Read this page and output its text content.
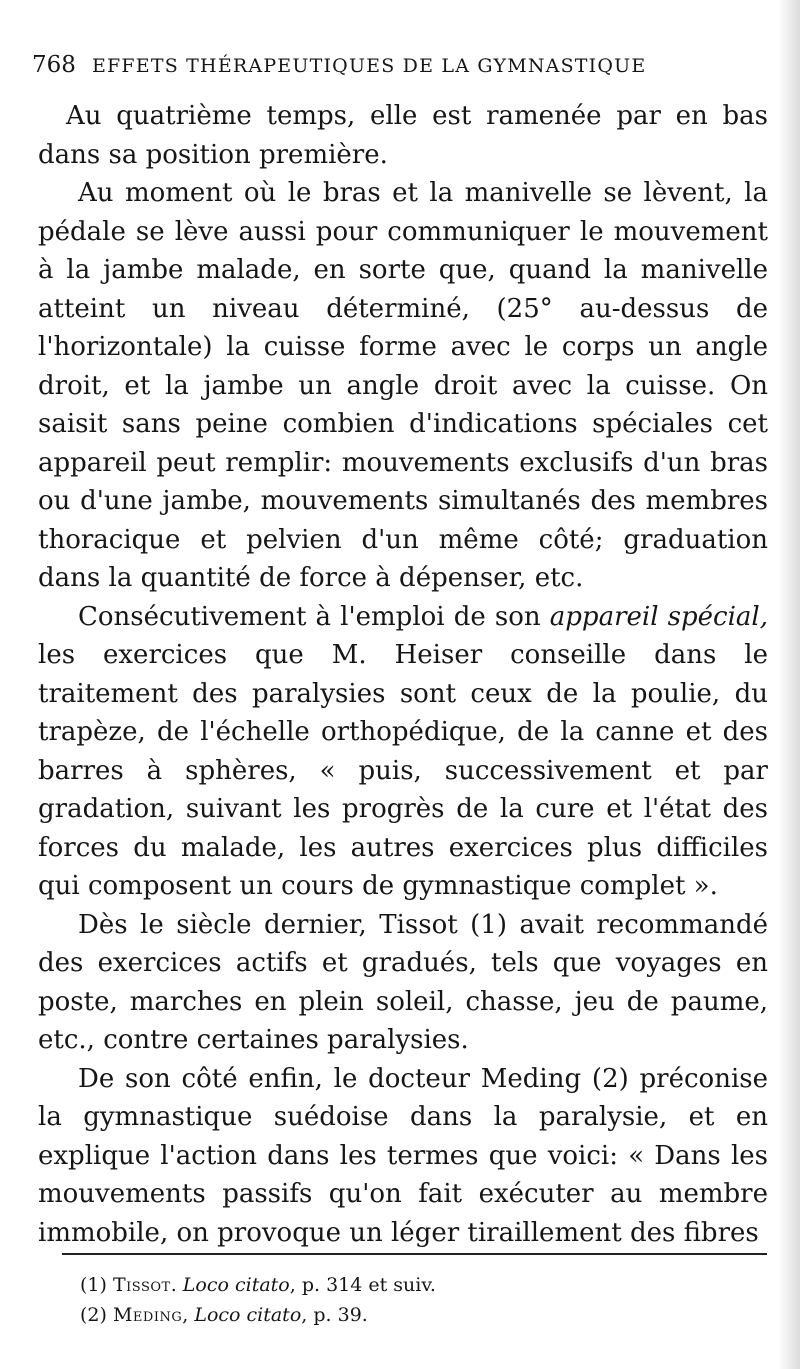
768 EFFETS THÉRAPEUTIQUES DE LA GYMNASTIQUE

Au quatrième temps, elle est ramenée par en bas dans sa position première.

Au moment où le bras et la manivelle se lèvent, la pédale se lève aussi pour communiquer le mouvement à la jambe malade, en sorte que, quand la manivelle atteint un niveau déterminé, (25° au-dessus de l'horizontale) la cuisse forme avec le corps un angle droit, et la jambe un angle droit avec la cuisse. On saisit sans peine combien d'indications spéciales cet appareil peut remplir: mouvements exclusifs d'un bras ou d'une jambe, mouvements simultanés des membres thoracique et pelvien d'un même côté; graduation dans la quantité de force à dépenser, etc.

Consécutivement à l'emploi de son appareil spécial, les exercices que M. Heiser conseille dans le traitement des paralysies sont ceux de la poulie, du trapèze, de l'échelle orthopédique, de la canne et des barres à sphères, « puis, successivement et par gradation, suivant les progrès de la cure et l'état des forces du malade, les autres exercices plus difficiles qui composent un cours de gymnastique complet ».

Dès le siècle dernier, Tissot (1) avait recommandé des exercices actifs et gradués, tels que voyages en poste, marches en plein soleil, chasse, jeu de paume, etc., contre certaines paralysies.

De son côté enfin, le docteur Meding (2) préconise la gymnastique suédoise dans la paralysie, et en explique l'action dans les termes que voici: « Dans les mouvements passifs qu'on fait exécuter au membre immobile, on provoque un léger tiraillement des fibres

(1) Tissot. Loco citato, p. 314 et suiv.

(2) Meding, Loco citato, p. 39.
